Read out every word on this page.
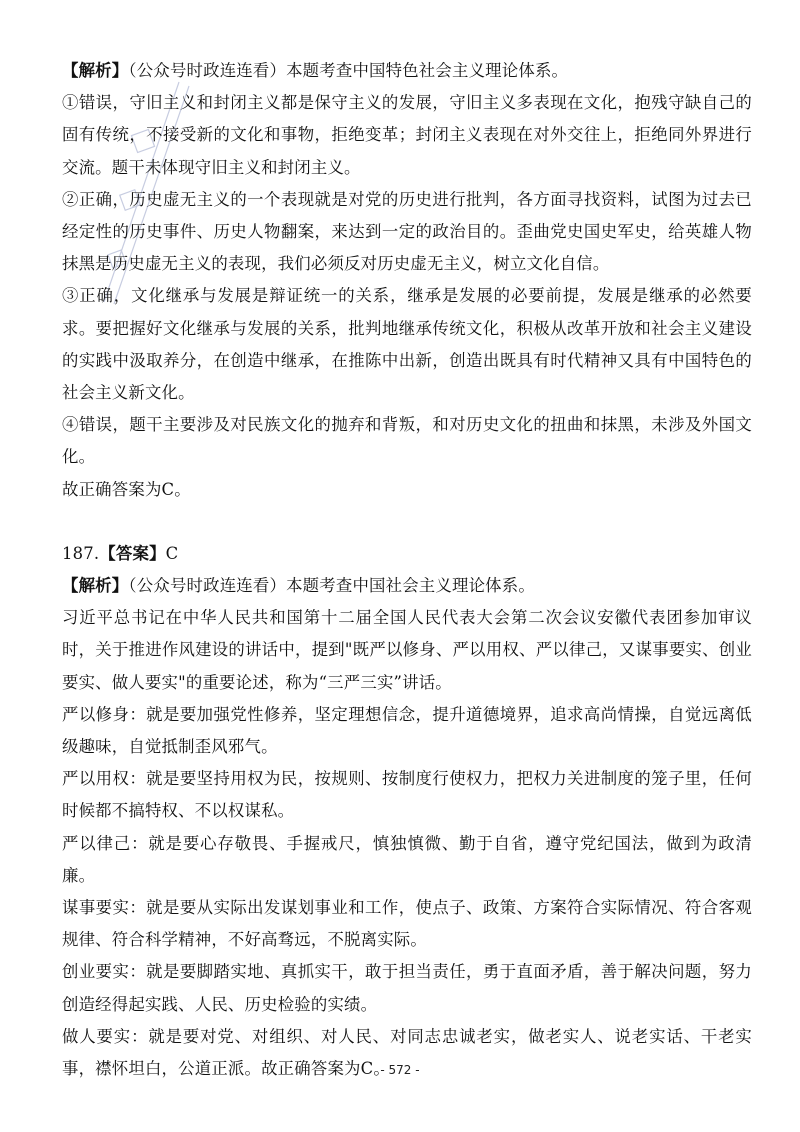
【解析】（公众号时政连连看）本题考查中国特色社会主义理论体系。

①错误，守旧主义和封闭主义都是保守主义的发展，守旧主义多表现在文化，抱残守缺自己的固有传统，不接受新的文化和事物，拒绝变革；封闭主义表现在对外交往上，拒绝同外界进行交流。题干未体现守旧主义和封闭主义。

②正确，历史虚无主义的一个表现就是对党的历史进行批判，各方面寻找资料，试图为过去已经定性的历史事件、历史人物翻案，来达到一定的政治目的。歪曲党史国史军史，给英雄人物抹黑是历史虚无主义的表现，我们必须反对历史虚无主义，树立文化自信。

③正确，文化继承与发展是辩证统一的关系，继承是发展的必要前提，发展是继承的必然要求。要把握好文化继承与发展的关系，批判地继承传统文化，积极从改革开放和社会主义建设的实践中汲取养分，在创造中继承，在推陈中出新，创造出既具有时代精神又具有中国特色的社会主义新文化。

④错误，题干主要涉及对民族文化的抛弃和背叛，和对历史文化的扭曲和抹黑，未涉及外国文化。

故正确答案为C。

187.【答案】C

【解析】（公众号时政连连看）本题考查中国社会主义理论体系。

习近平总书记在中华人民共和国第十二届全国人民代表大会第二次会议安徽代表团参加审议时，关于推进作风建设的讲话中，提到"既严以修身、严以用权、严以律己，又谋事要实、创业要实、做人要实"的重要论述，称为“三严三实”讲话。

严以修身：就是要加强党性修养，坚定理想信念，提升道德境界，追求高尚情操，自觉远离低级趣味，自觉抵制歪风邪气。

严以用权：就是要坚持用权为民，按规则、按制度行使权力，把权力关进制度的笼子里，任何时候都不搞特权、不以权谋私。

严以律己：就是要心存敬畏、手握戒尺，慎独慎微、勤于自省，遵守党纪国法，做到为政清廉。

谋事要实：就是要从实际出发谋划事业和工作，使点子、政策、方案符合实际情况、符合客观规律、符合科学精神，不好高骛远，不脱离实际。

创业要实：就是要脚踏实地、真抓实干，敢于担当责任，勇于直面矛盾，善于解决问题，努力创造经得起实践、人民、历史检验的实绩。

做人要实：就是要对党、对组织、对人民、对同志忠诚老实，做老实人、说老实话、干老实事，襟怀坦白，公道正派。故正确答案为C。

- 572 -
